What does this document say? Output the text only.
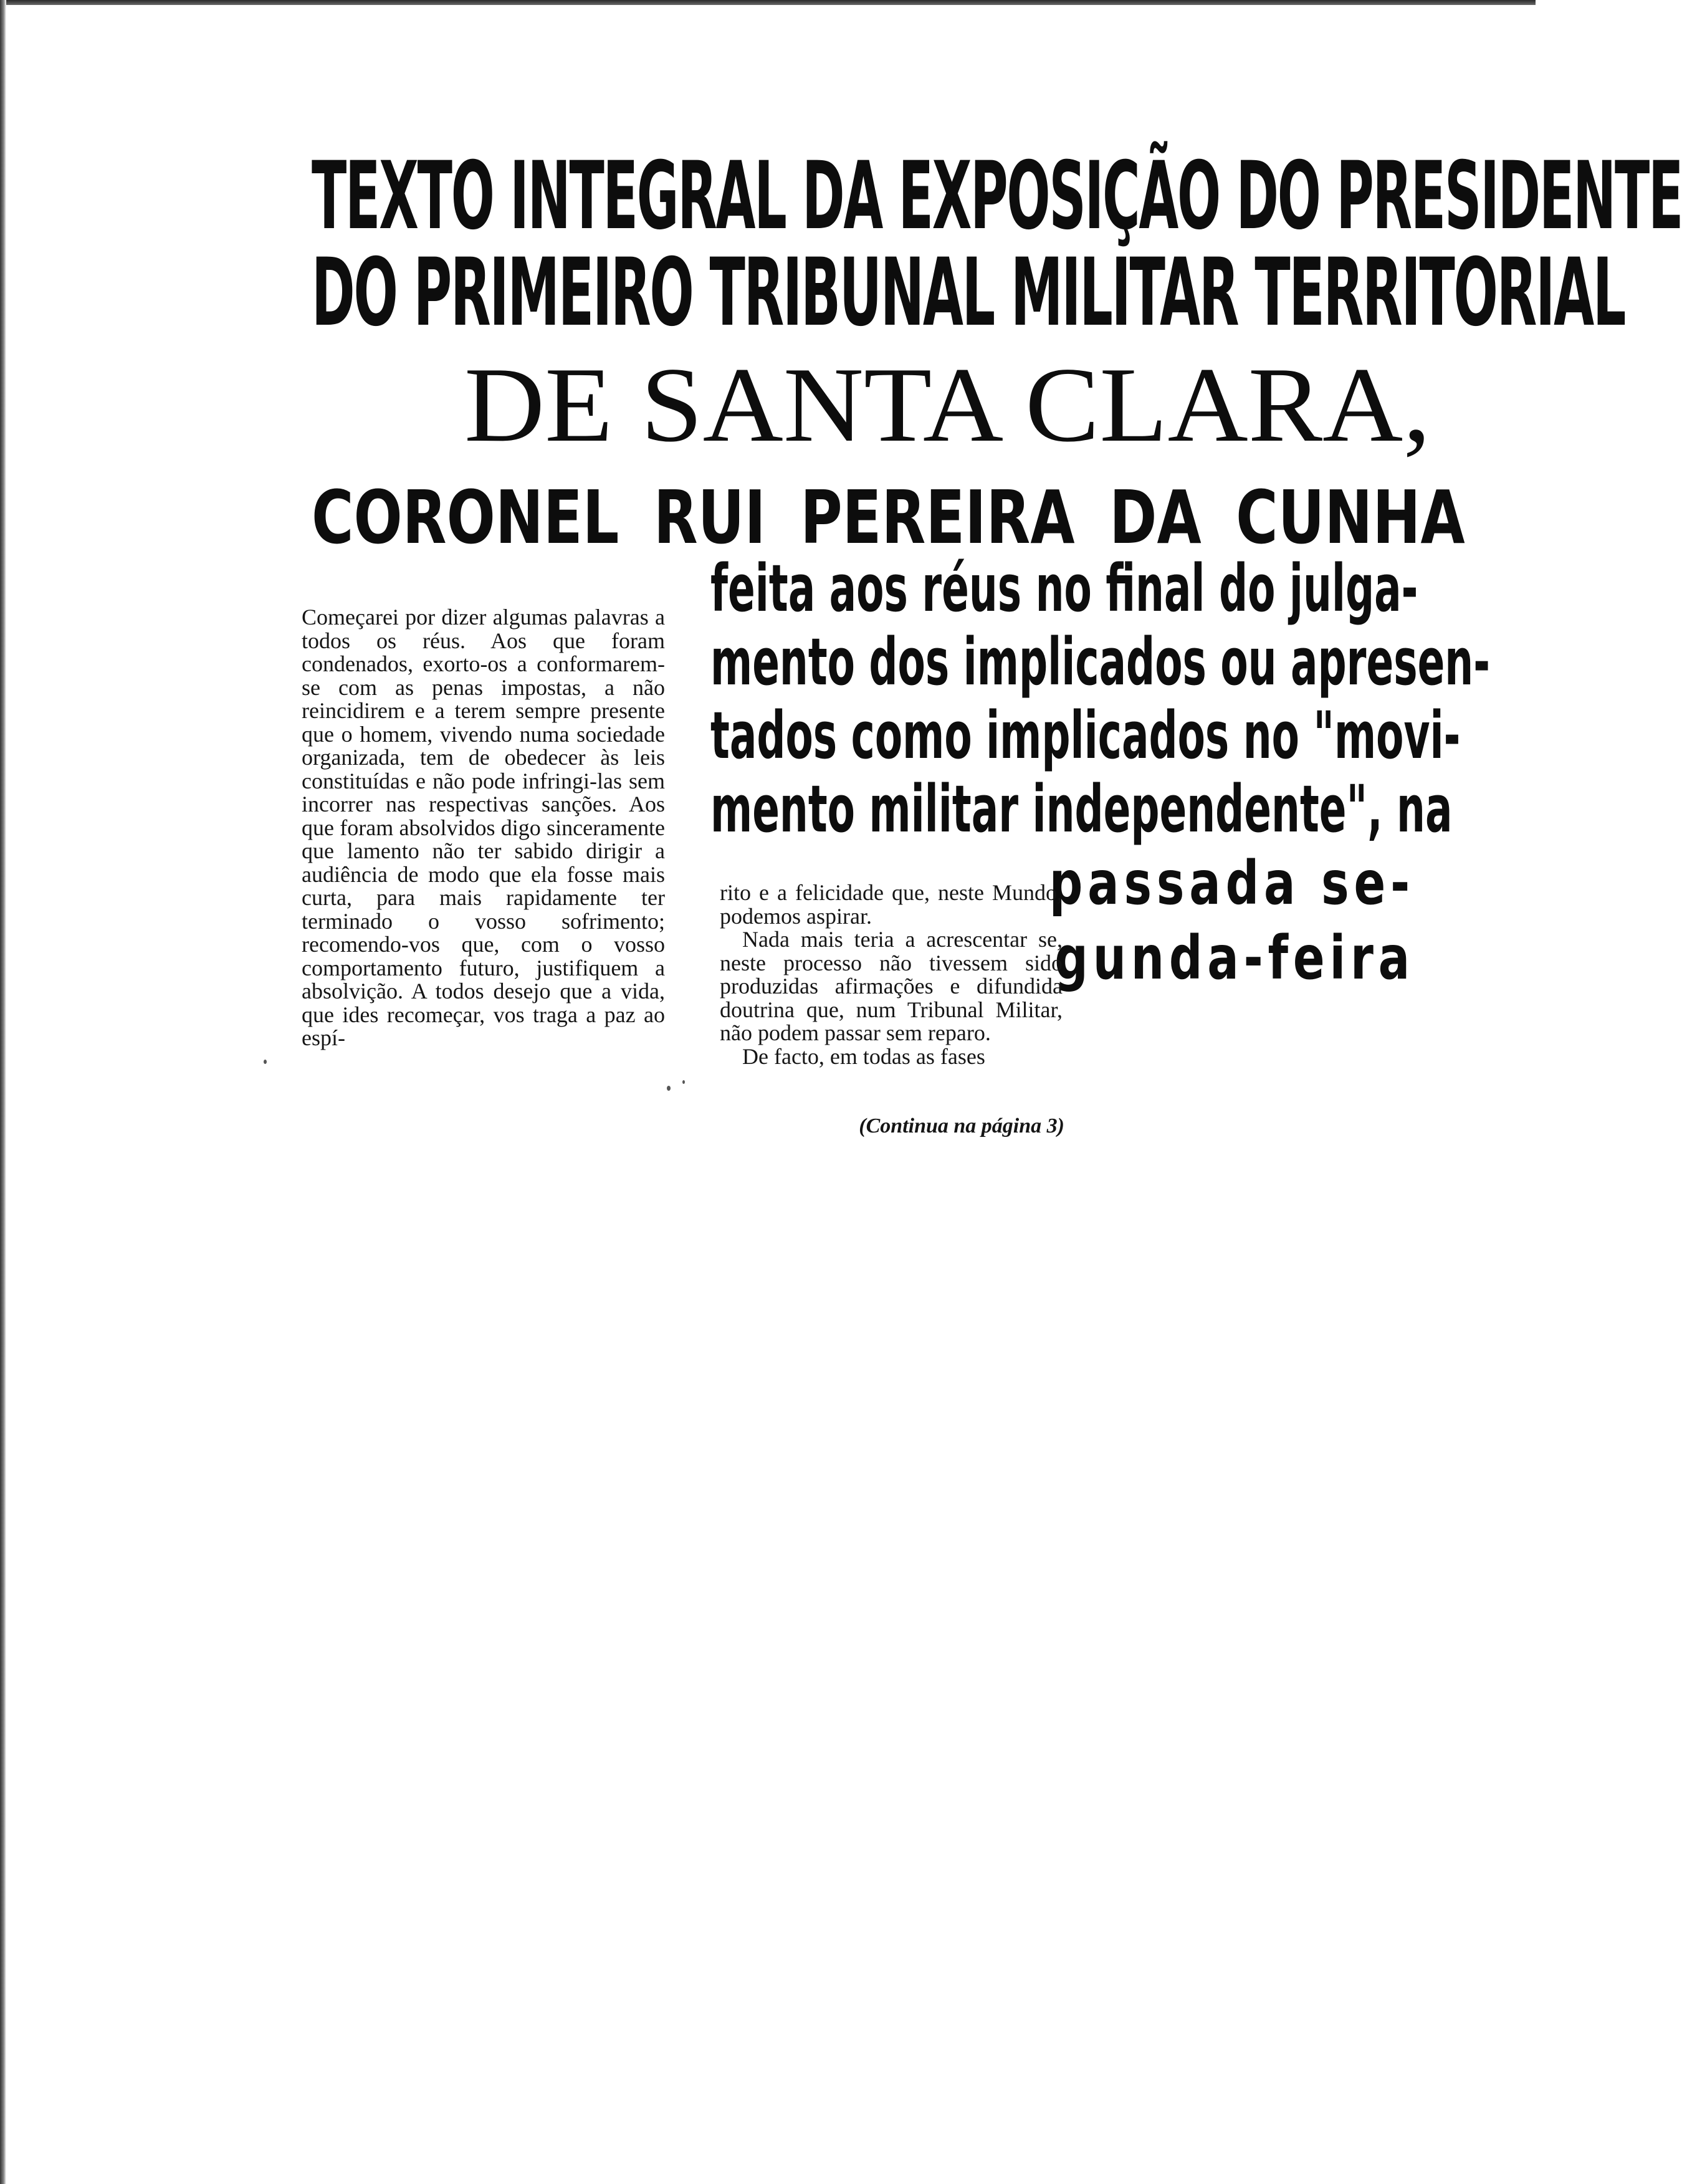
TEXTO INTEGRAL DA EXPOSIÇÃO DO PRESIDENTE
DO PRIMEIRO TRIBUNAL MILITAR TERRITORIAL
DE SANTA CLARA,
CORONEL RUI PEREIRA DA CUNHA
feita aos réus no final do julga-
mento dos implicados ou apresen-
tados como implicados no "movi-
mento militar independente", na
passada se-
gunda-feira

Começarei por dizer algumas palavras a todos os réus. Aos que foram condenados, exorto-os a conformarem-se com as penas impostas, a não reincidirem e a terem sempre presente que o homem, vivendo numa sociedade organizada, tem de obedecer às leis constituídas e não pode infringi-las sem incorrer nas respectivas sanções. Aos que foram absolvidos digo sinceramente que lamento não ter sabido dirigir a audiência de modo que ela fosse mais curta, para mais rapidamente ter terminado o vosso sofrimento; recomendo-vos que, com o vosso comportamento futuro, justifiquem a absolvição. A todos desejo que a vida, que ides recomeçar, vos traga a paz ao espí-

rito e a felicidade que, neste Mundo, podemos aspirar.

Nada mais teria a acrescentar se, neste processo não tivessem sido produzidas afirmações e difundida doutrina que, num Tribunal Militar, não podem passar sem reparo.

De facto, em todas as fases

(Continua na página 3)
